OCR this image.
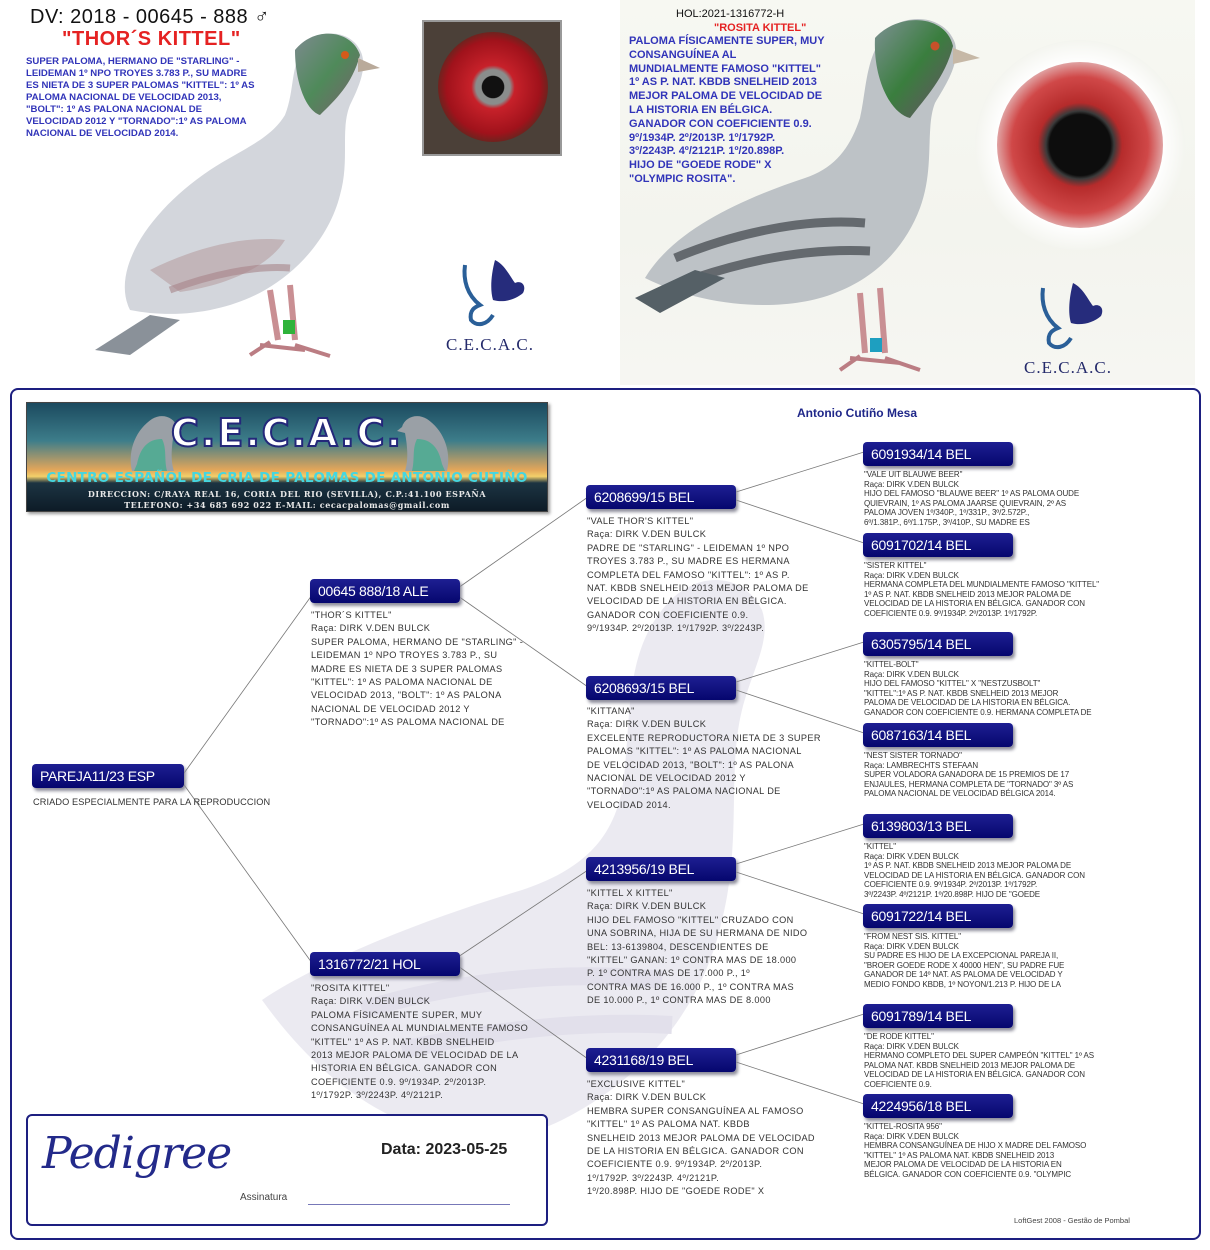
DV: 2018 - 00645 - 888 ♂
"THOR´S KITTEL"
SUPER PALOMA, HERMANO DE "STARLING" -
LEIDEMAN 1º NPO TROYES 3.783 P., SU MADRE
ES NIETA DE 3 SUPER PALOMAS "KITTEL": 1º AS
PALOMA NACIONAL DE VELOCIDAD 2013,
"BOLT": 1º AS PALONA NACIONAL DE
VELOCIDAD 2012 Y "TORNADO":1º AS PALOMA
NACIONAL DE VELOCIDAD 2014.
C.E.C.A.C.
HOL:2021-1316772-H
"ROSITA KITTEL"
PALOMA FÍSICAMENTE SUPER, MUY
CONSANGUÍNEA AL
MUNDIALMENTE FAMOSO "KITTEL"
1º AS P. NAT. KBDB SNELHEID 2013
MEJOR PALOMA DE VELOCIDAD DE
LA HISTORIA EN BÉLGICA.
GANADOR CON COEFICIENTE 0.9.
9º/1934P. 2º/2013P. 1º/1792P.
3º/2243P. 4º/2121P. 1º/20.898P.
HIJO DE "GOEDE RODE" X
"OLYMPIC ROSITA".
C.E.C.A.C.
C.E.C.A.C.
CENTRO ESPAÑOL DE CRIA DE PALOMAS DE ANTONIO CUTIÑO
DIRECCION: C/RAYA REAL 16, CORIA DEL RIO (SEVILLA), C.P.:41.100 ESPAÑA
TELEFONO: +34 685 692 022 E-MAIL: cecacpalomas@gmail.com
Antonio Cutiño Mesa
PAREJA11/23 ESP
CRIADO ESPECIALMENTE PARA LA REPRODUCCION
00645 888/18 ALE
"THOR´S KITTEL"
Raça: DIRK V.DEN BULCK
SUPER PALOMA, HERMANO DE "STARLING" -
LEIDEMAN 1º NPO TROYES 3.783 P., SU
MADRE ES NIETA DE 3 SUPER PALOMAS
"KITTEL": 1º AS PALOMA NACIONAL DE
VELOCIDAD 2013, "BOLT": 1º AS PALONA
NACIONAL DE VELOCIDAD 2012 Y
"TORNADO":1º AS PALOMA NACIONAL DE
1316772/21 HOL
"ROSITA KITTEL"
Raça: DIRK V.DEN BULCK
PALOMA FÍSICAMENTE SUPER, MUY
CONSANGUÍNEA AL MUNDIALMENTE FAMOSO
"KITTEL" 1º AS P. NAT. KBDB SNELHEID
2013 MEJOR PALOMA DE VELOCIDAD DE LA
HISTORIA EN BÉLGICA. GANADOR CON
COEFICIENTE 0.9. 9º/1934P. 2º/2013P.
1º/1792P. 3º/2243P. 4º/2121P.
6208699/15 BEL
"VALE THOR'S KITTEL"
Raça: DIRK V.DEN BULCK
PADRE DE "STARLING" - LEIDEMAN 1º NPO
TROYES 3.783 P., SU MADRE ES HERMANA
COMPLETA DEL FAMOSO "KITTEL": 1º AS P.
NAT. KBDB SNELHEID 2013 MEJOR PALOMA DE
VELOCIDAD DE LA HISTORIA EN BÉLGICA.
GANADOR CON COEFICIENTE 0.9.
9º/1934P. 2º/2013P. 1º/1792P. 3º/2243P.
6208693/15 BEL
"KITTANA"
Raça: DIRK V.DEN BULCK
EXCELENTE REPRODUCTORA NIETA DE 3 SUPER
PALOMAS "KITTEL": 1º AS PALOMA NACIONAL
DE VELOCIDAD 2013, "BOLT": 1º AS PALONA
NACIONAL DE VELOCIDAD 2012 Y
"TORNADO":1º AS PALOMA NACIONAL DE
VELOCIDAD 2014.
4213956/19 BEL
"KITTEL X KITTEL"
Raça: DIRK V.DEN BULCK
HIJO DEL FAMOSO "KITTEL" CRUZADO CON
UNA SOBRINA, HIJA DE SU HERMANA DE NIDO
BEL: 13-6139804, DESCENDIENTES DE
"KITTEL" GANAN: 1º CONTRA MAS DE 18.000
P. 1º CONTRA MAS DE 17.000 P., 1º
CONTRA MAS DE 16.000 P., 1º CONTRA MAS
DE 10.000 P., 1º CONTRA MAS DE 8.000
4231168/19 BEL
"EXCLUSIVE KITTEL"
Raça: DIRK V.DEN BULCK
HEMBRA SUPER CONSANGUÍNEA AL FAMOSO
"KITTEL" 1º AS PALOMA NAT. KBDB
SNELHEID 2013 MEJOR PALOMA DE VELOCIDAD
DE LA HISTORIA EN BÉLGICA. GANADOR CON
COEFICIENTE 0.9. 9º/1934P. 2º/2013P.
1º/1792P. 3º/2243P. 4º/2121P.
1º/20.898P. HIJO DE "GOEDE RODE" X
6091934/14 BEL
"VALE UIT BLAUWE BEER"
Raça: DIRK V.DEN BULCK
HIJO DEL FAMOSO "BLAUWE BEER" 1º AS PALOMA OUDE
QUIEVRAIN, 1º AS PALOMA JAARSE QUIEVRAIN, 2º AS
PALOMA JOVEN 1º/340P., 1º/331P., 3º/2.572P.,
6º/1.381P., 6º/1.175P., 3º/410P., SU MADRE ES
6091702/14 BEL
"SISTER KITTEL"
Raça: DIRK V.DEN BULCK
HERMANA COMPLETA DEL MUNDIALMENTE FAMOSO "KITTEL"
1º AS P. NAT. KBDB SNELHEID 2013 MEJOR PALOMA DE
VELOCIDAD DE LA HISTORIA EN BÉLGICA. GANADOR CON
COEFICIENTE 0.9. 9º/1934P. 2º/2013P. 1º/1792P.
6305795/14 BEL
"KITTEL-BOLT"
Raça: DIRK V.DEN BULCK
HIJO DEL FAMOSO "KITTEL" X "NESTZUSBOLT"
"KITTEL":1º AS P. NAT. KBDB SNELHEID 2013 MEJOR
PALOMA DE VELOCIDAD DE LA HISTORIA EN BÉLGICA.
GANADOR CON COEFICIENTE 0.9. HERMANA COMPLETA DE
6087163/14 BEL
"NEST SISTER TORNADO"
Raça: LAMBRECHTS STEFAAN
SUPER VOLADORA GANADORA DE 15 PREMIOS DE 17
ENJAULES, HERMANA COMPLETA DE "TORNADO" 3º AS
PALOMA NACIONAL DE VELOCIDAD BÉLGICA 2014.
6139803/13 BEL
"KITTEL"
Raça: DIRK V.DEN BULCK
1º AS P. NAT. KBDB SNELHEID 2013 MEJOR PALOMA DE
VELOCIDAD DE LA HISTORIA EN BÉLGICA. GANADOR CON
COEFICIENTE 0.9. 9º/1934P. 2º/2013P. 1º/1792P.
3º/2243P. 4º/2121P. 1º/20.898P. HIJO DE "GOEDE
6091722/14 BEL
"FROM NEST SIS. KITTEL"
Raça: DIRK V.DEN BULCK
SU PADRE ES HIJO DE LA EXCEPCIONAL PAREJA II,
"BROER GOEDE RODE X 40000 HEN", SU PADRE FUE
GANADOR DE 14º NAT. AS PALOMA DE VELOCIDAD Y
MEDIO FONDO KBDB, 1º NOYON/1.213 P. HIJO DE LA
6091789/14 BEL
"DE RODE KITTEL"
Raça: DIRK V.DEN BULCK
HERMANO COMPLETO DEL SUPER CAMPEÓN "KITTEL" 1º AS
PALOMA NAT. KBDB SNELHEID 2013 MEJOR PALOMA DE
VELOCIDAD DE LA HISTORIA EN BÉLGICA. GANADOR CON
COEFICIENTE 0.9.
4224956/18 BEL
"KITTEL-ROSITA 956"
Raça: DIRK V.DEN BULCK
HEMBRA CONSANGUÍNEA DE HIJO X MADRE DEL FAMOSO
"KITTEL" 1º AS PALOMA NAT. KBDB SNELHEID 2013
MEJOR PALOMA DE VELOCIDAD DE LA HISTORIA EN
BÉLGICA. GANADOR CON COEFICIENTE 0.9. "OLYMPIC
Pedigree	Data: 2023-05-25
Assinatura
LoftGest 2008 - Gestão de Pombal
